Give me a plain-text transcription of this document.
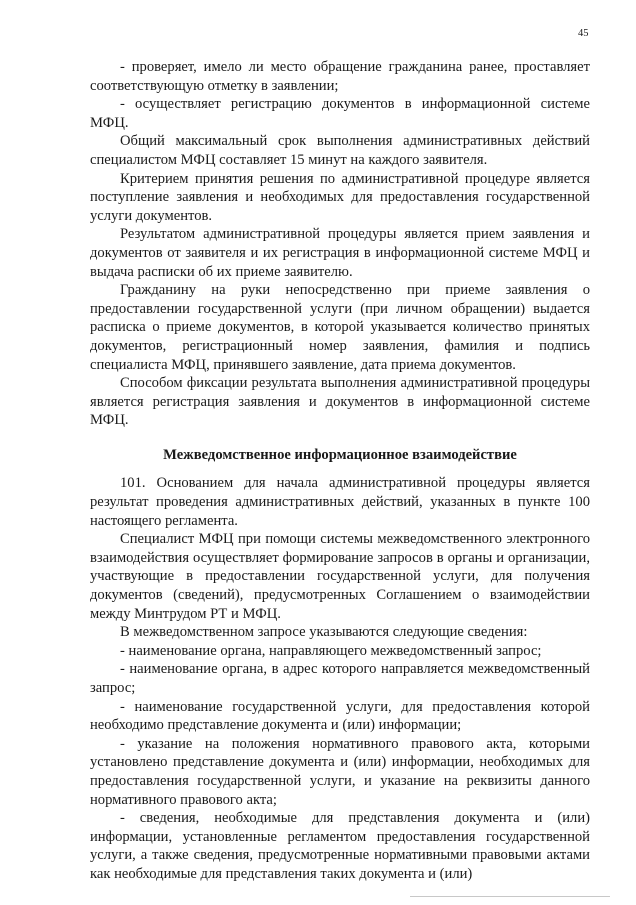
45

- проверяет, имело ли место обращение гражданина ранее, проставляет соответствующую отметку в заявлении;

- осуществляет регистрацию документов в информационной системе МФЦ.

Общий максимальный срок выполнения административных действий специалистом МФЦ составляет 15 минут на каждого заявителя.

Критерием принятия решения по административной процедуре является поступление заявления и необходимых для предоставления государственной услуги документов.

Результатом административной процедуры является прием заявления и документов от заявителя и их регистрация в информационной системе МФЦ и выдача расписки об их приеме заявителю.

Гражданину на руки непосредственно при приеме заявления о предоставлении государственной услуги (при личном обращении) выдается расписка о приеме документов, в которой указывается количество принятых документов, регистрационный номер заявления, фамилия и подпись специалиста МФЦ, принявшего заявление, дата приема документов.

Способом фиксации результата выполнения административной процедуры является регистрация заявления и документов в информационной системе МФЦ.

Межведомственное информационное взаимодействие

101. Основанием для начала административной процедуры является результат проведения административных действий, указанных в пункте 100 настоящего регламента.

Специалист МФЦ при помощи системы межведомственного электронного взаимодействия осуществляет формирование запросов в органы и организации, участвующие в предоставлении государственной услуги, для получения документов (сведений), предусмотренных Соглашением о взаимодействии между Минтрудом РТ и МФЦ.

В межведомственном запросе указываются следующие сведения:

- наименование органа, направляющего межведомственный запрос;

- наименование органа, в адрес которого направляется межведомственный запрос;

- наименование государственной услуги, для предоставления которой необходимо представление документа и (или) информации;

- указание на положения нормативного правового акта, которыми установлено представление документа и (или) информации, необходимых для предоставления государственной услуги, и указание на реквизиты данного нормативного правового акта;

- сведения, необходимые для представления документа и (или) информации, установленные регламентом предоставления государственной услуги, а также сведения, предусмотренные нормативными правовыми актами как необходимые для представления таких документа и (или)
